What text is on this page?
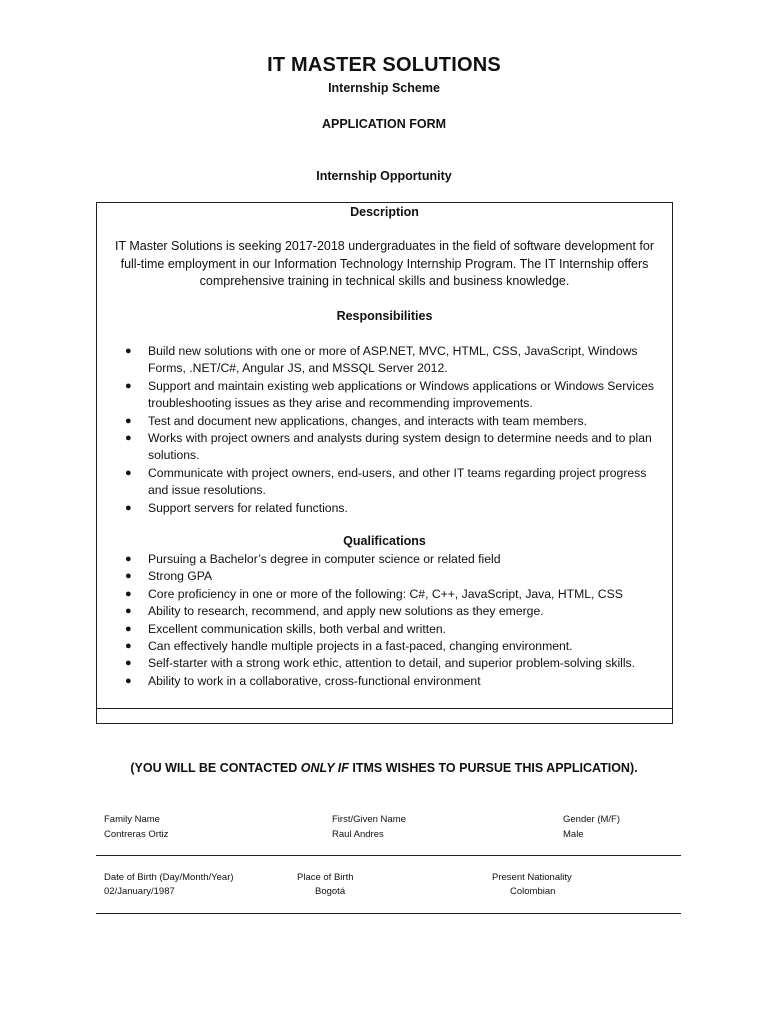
IT MASTER SOLUTIONS
Internship Scheme
APPLICATION FORM
Internship Opportunity
Description
IT Master Solutions is seeking 2017-2018 undergraduates in the field of software development for full-time employment in our Information Technology Internship Program. The IT Internship offers comprehensive training in technical skills and business knowledge.
Responsibilities
● Build new solutions with one or more of ASP.NET, MVC, HTML, CSS, JavaScript, Windows Forms, .NET/C#, Angular JS, and MSSQL Server 2012.
● Support and maintain existing web applications or Windows applications or Windows Services troubleshooting issues as they arise and recommending improvements.
● Test and document new applications, changes, and interacts with team members.
● Works with project owners and analysts during system design to determine needs and to plan solutions.
● Communicate with project owners, end-users, and other IT teams regarding project progress and issue resolutions.
● Support servers for related functions.
Qualifications
● Pursuing a Bachelor’s degree in computer science or related field
● Strong GPA
● Core proficiency in one or more of the following: C#, C++, JavaScript, Java, HTML, CSS
● Ability to research, recommend, and apply new solutions as they emerge.
● Excellent communication skills, both verbal and written.
● Can effectively handle multiple projects in a fast-paced, changing environment.
● Self-starter with a strong work ethic, attention to detail, and superior problem-solving skills.
● Ability to work in a collaborative, cross-functional environment
(YOU WILL BE CONTACTED ONLY IF ITMS WISHES TO PURSUE THIS APPLICATION).
Family Name
Contreras Ortiz
First/Given Name
Raul Andres
Gender (M/F)
Male
Date of Birth (Day/Month/Year)
02/January/1987
Place of Birth
Bogotá
Present Nationality
Colombian
